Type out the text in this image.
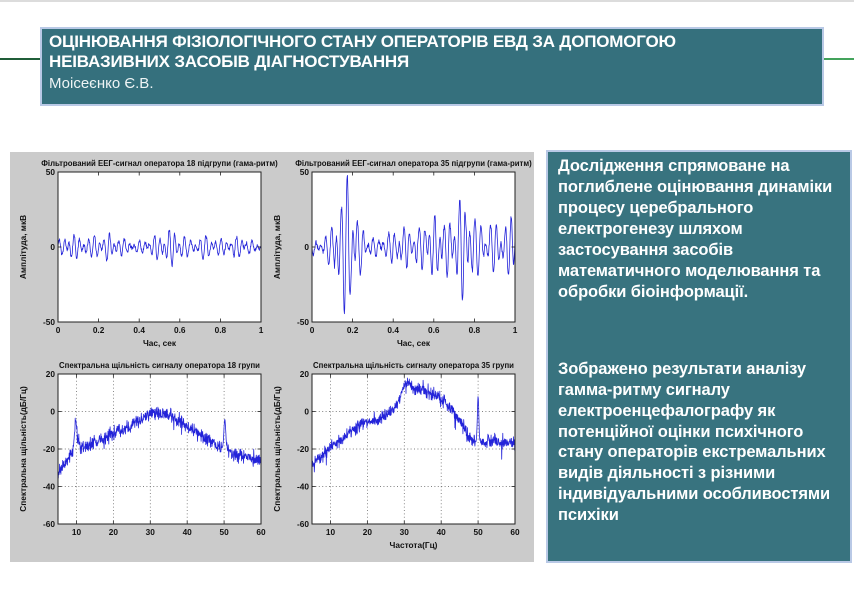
ОЦІНЮВАННЯ ФІЗІОЛОГІЧНОГО СТАНУ ОПЕРАТОРІВ ЕВД ЗА ДОПОМОГОЮ
НЕІВАЗИВНИХ ЗАСОБІВ ДІАГНОСТУВАННЯ
Моісеєнко Є.В.
0	0.2	0.4	0.6	0.8	1
-50
0
50
Фільтрований ЕЕГ-сигнал оператора 18 підгрупи (гама-ритм)
Час, сек
Амплітуда, мкВ
0	0.2	0.4	0.6	0.8	1
-50
0
50
Фільтрований ЕЕГ-сигнал оператора 35 підгрупи (гама-ритм)
Час, сек
Амплітуда, мкВ
10	20	30	40	50	60
-60
-40
-20
0
20
Спектральна щільність сигналу оператора 18 групи
Спектральна щільність(дБ/Гц)
10	20	30	40	50	60
-60
-40
-20
0
20
Спектральна щільність сигналу оператора 35 групи
Частота(Гц)
Спектральна щільність(дБ/Гц)

Дослідження спрямоване на поглиблене оцінювання динаміки процесу церебрального електрогенезу шляхом застосування засобів математичного моделювання та обробки біоінформації.

Зображено результати аналізу гамма-ритму сигналу електроенцефалографу як потенційної оцінки психічного стану операторів екстремальних видів діяльності з різними індивідуальними особливостями психіки
